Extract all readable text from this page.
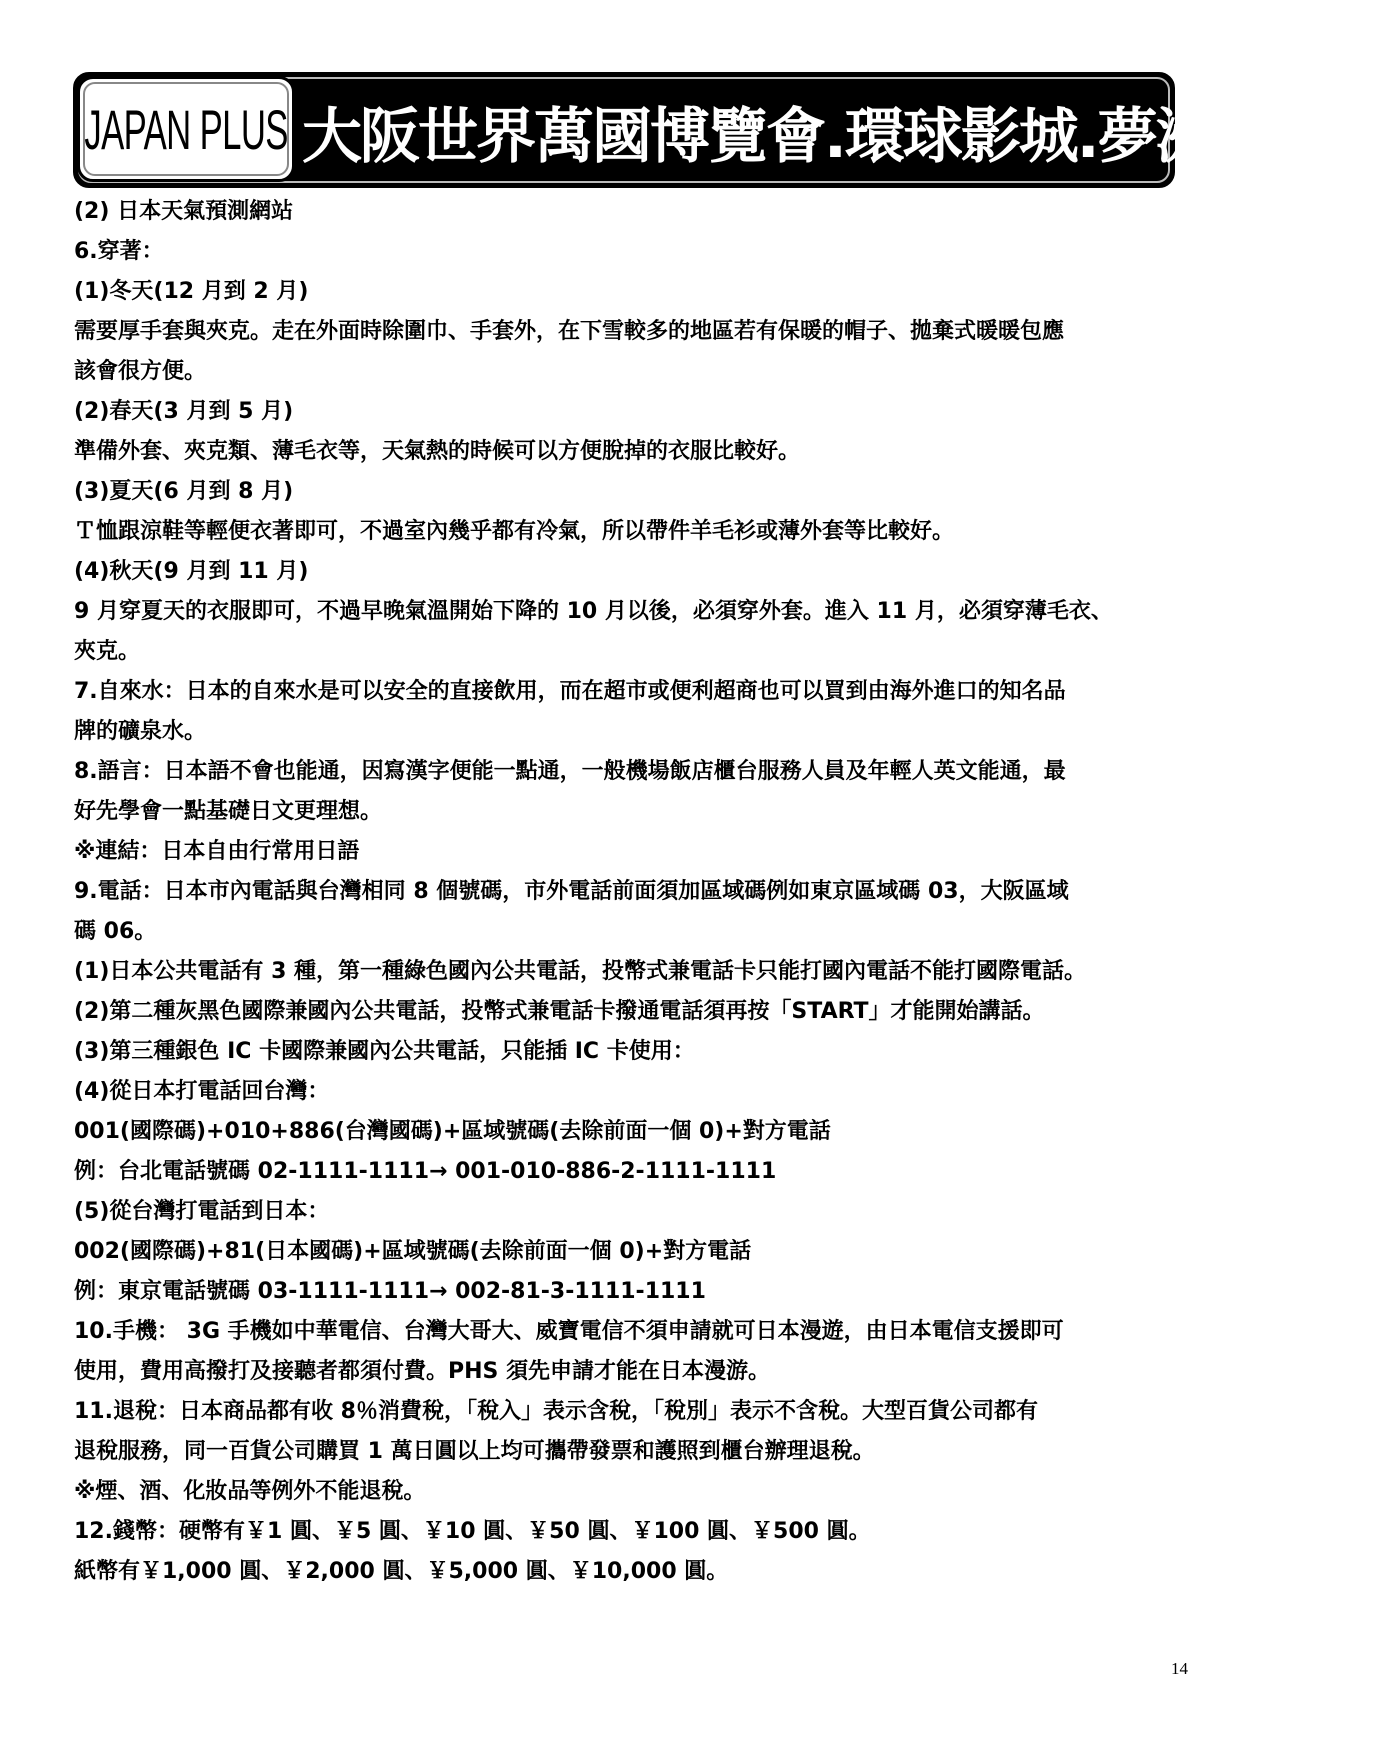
JAPAN PLUS 大阪世界萬國博覽會.環球影城.夢洲島五日
(2) 日本天氣預測網站
6.穿著：
(1)冬天(12 月到 2 月)
需要厚手套與夾克。走在外面時除圍巾、手套外，在下雪較多的地區若有保暖的帽子、拋棄式暖暖包應
該會很方便。
(2)春天(3 月到 5 月)
準備外套、夾克類、薄毛衣等，天氣熱的時候可以方便脫掉的衣服比較好。
(3)夏天(6 月到 8 月)
Ｔ恤跟涼鞋等輕便衣著即可，不過室內幾乎都有冷氣，所以帶件羊毛衫或薄外套等比較好。
(4)秋天(9 月到 11 月)
9 月穿夏天的衣服即可，不過早晚氣溫開始下降的 10 月以後，必須穿外套。進入 11 月，必須穿薄毛衣、
夾克。
7.自來水：日本的自來水是可以安全的直接飲用，而在超市或便利超商也可以買到由海外進口的知名品
牌的礦泉水。
8.語言：日本語不會也能通，因寫漢字便能一點通，一般機場飯店櫃台服務人員及年輕人英文能通，最
好先學會一點基礎日文更理想。
※連結：日本自由行常用日語
9.電話：日本市內電話與台灣相同 8 個號碼，市外電話前面須加區域碼例如東京區域碼 03，大阪區域
碼 06。
(1)日本公共電話有 3 種，第一種綠色國內公共電話，投幣式兼電話卡只能打國內電話不能打國際電話。
(2)第二種灰黑色國際兼國內公共電話，投幣式兼電話卡撥通電話須再按「START」才能開始講話。
(3)第三種銀色 IC 卡國際兼國內公共電話，只能插 IC 卡使用：
(4)從日本打電話回台灣：
001(國際碼)+010+886(台灣國碼)+區域號碼(去除前面一個 0)+對方電話
例：台北電話號碼 02-1111-1111→ 001-010-886-2-1111-1111
(5)從台灣打電話到日本：
002(國際碼)+81(日本國碼)+區域號碼(去除前面一個 0)+對方電話
例：東京電話號碼 03-1111-1111→ 002-81-3-1111-1111
10.手機： 3G 手機如中華電信、台灣大哥大、威寶電信不須申請就可日本漫遊，由日本電信支援即可
使用，費用高撥打及接聽者都須付費。PHS 須先申請才能在日本漫游。
11.退稅：日本商品都有收 8％消費稅，「稅入」表示含稅，「稅別」表示不含稅。大型百貨公司都有
退稅服務，同一百貨公司購買 1 萬日圓以上均可攜帶發票和護照到櫃台辦理退稅。
※煙、酒、化妝品等例外不能退稅。
12.錢幣：硬幣有￥1 圓、￥5 圓、￥10 圓、￥50 圓、￥100 圓、￥500 圓。
紙幣有￥1,000 圓、￥2,000 圓、￥5,000 圓、￥10,000 圓。
14
